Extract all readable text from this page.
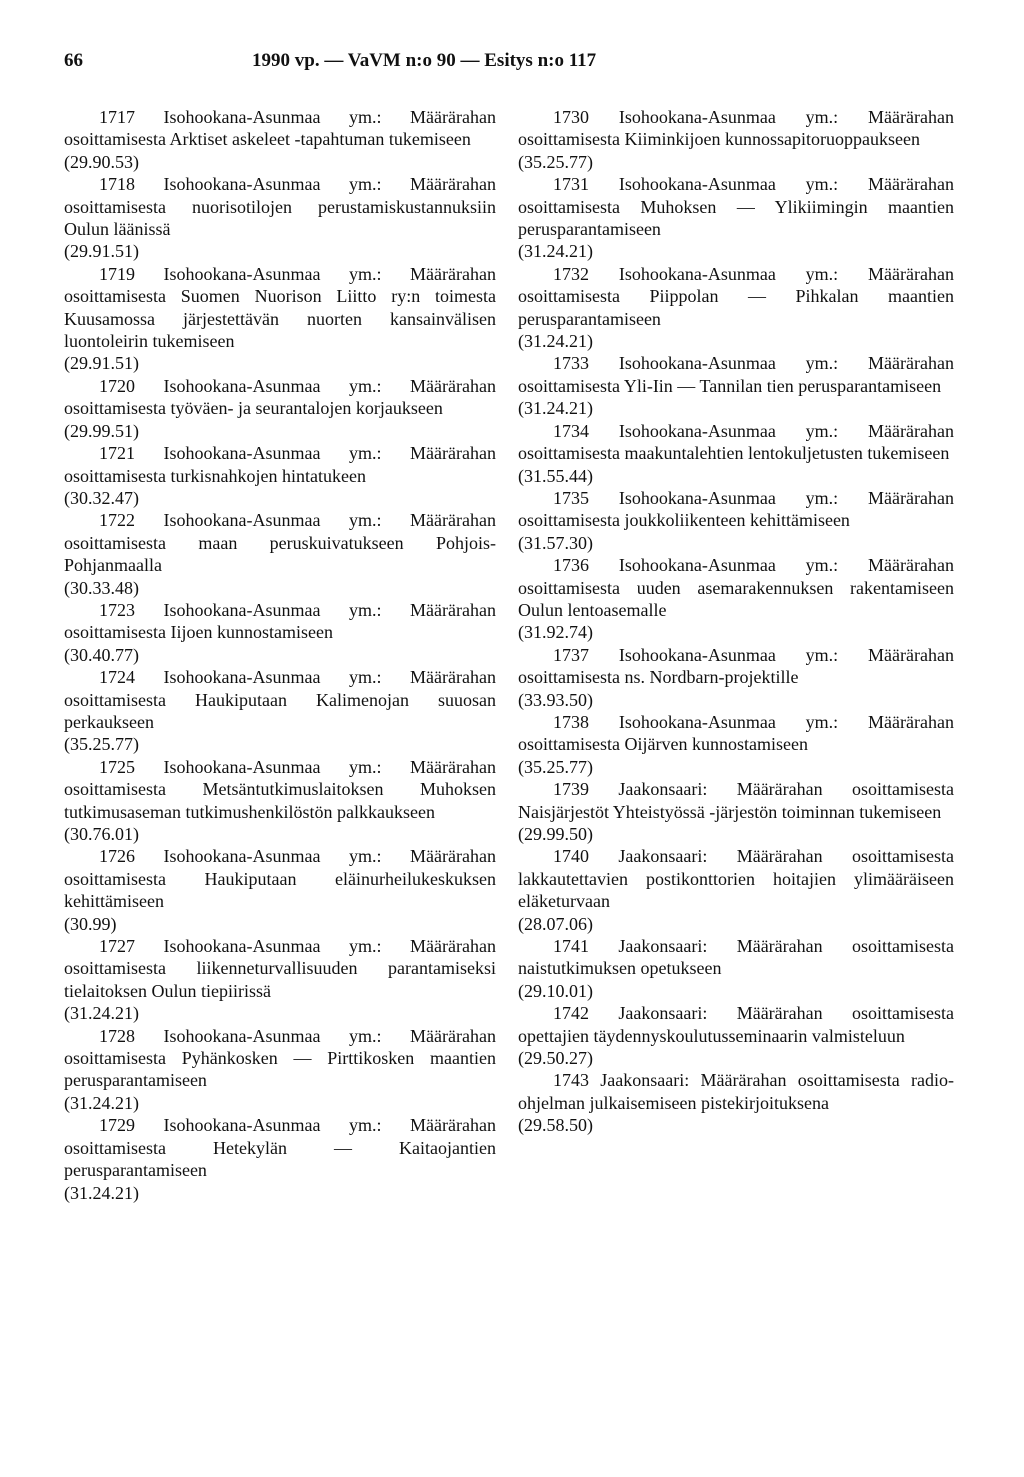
66	1990 vp. — VaVM n:o 90 — Esitys n:o 117
1717 Isohookana-Asunmaa ym.: Määrärahan osoittamisesta Arktiset askeleet -tapahtuman tukemiseen
(29.90.53)
1718 Isohookana-Asunmaa ym.: Määrärahan osoittamisesta nuorisotilojen perustamiskustannuksiin Oulun läänissä
(29.91.51)
1719 Isohookana-Asunmaa ym.: Määrärahan osoittamisesta Suomen Nuorison Liitto ry:n toimesta Kuusamossa järjestettävän nuorten kansainvälisen luontoleirin tukemiseen
(29.91.51)
1720 Isohookana-Asunmaa ym.: Määrärahan osoittamisesta työväen- ja seurantalojen korjaukseen
(29.99.51)
1721 Isohookana-Asunmaa ym.: Määrärahan osoittamisesta turkisnahkojen hintatukeen
(30.32.47)
1722 Isohookana-Asunmaa ym.: Määrärahan osoittamisesta maan peruskuivatukseen Pohjois-Pohjanmaalla
(30.33.48)
1723 Isohookana-Asunmaa ym.: Määrärahan osoittamisesta Iijoen kunnostamiseen
(30.40.77)
1724 Isohookana-Asunmaa ym.: Määrärahan osoittamisesta Haukiputaan Kalimenojan suuosan perkaukseen
(35.25.77)
1725 Isohookana-Asunmaa ym.: Määrärahan osoittamisesta Metsäntutkimuslaitoksen Muhoksen tutkimusaseman tutkimushenkilöstön palkkaukseen
(30.76.01)
1726 Isohookana-Asunmaa ym.: Määrärahan osoittamisesta Haukiputaan eläinurheilukeskuksen kehittämiseen
(30.99)
1727 Isohookana-Asunmaa ym.: Määrärahan osoittamisesta liikenneturvallisuuden parantamiseksi tielaitoksen Oulun tiepiirissä
(31.24.21)
1728 Isohookana-Asunmaa ym.: Määrärahan osoittamisesta Pyhänkosken — Pirttikosken maantien perusparantamiseen
(31.24.21)
1729 Isohookana-Asunmaa ym.: Määrärahan osoittamisesta Hetekylän — Kaitaojantien perusparantamiseen
(31.24.21)
1730 Isohookana-Asunmaa ym.: Määrärahan osoittamisesta Kiiminkijoen kunnossapitoruoppaukseen
(35.25.77)
1731 Isohookana-Asunmaa ym.: Määrärahan osoittamisesta Muhoksen — Ylikiimingin maantien perusparantamiseen
(31.24.21)
1732 Isohookana-Asunmaa ym.: Määrärahan osoittamisesta Piippolan — Pihkalan maantien perusparantamiseen
(31.24.21)
1733 Isohookana-Asunmaa ym.: Määrärahan osoittamisesta Yli-Iin — Tannilan tien perusparantamiseen
(31.24.21)
1734 Isohookana-Asunmaa ym.: Määrärahan osoittamisesta maakuntalehtien lentokuljetusten tukemiseen
(31.55.44)
1735 Isohookana-Asunmaa ym.: Määrärahan osoittamisesta joukkoliikenteen kehittämiseen
(31.57.30)
1736 Isohookana-Asunmaa ym.: Määrärahan osoittamisesta uuden asemarakennuksen rakentamiseen Oulun lentoasemalle
(31.92.74)
1737 Isohookana-Asunmaa ym.: Määrärahan osoittamisesta ns. Nordbarn-projektille
(33.93.50)
1738 Isohookana-Asunmaa ym.: Määrärahan osoittamisesta Oijärven kunnostamiseen
(35.25.77)
1739 Jaakonsaari: Määrärahan osoittamisesta Naisjärjestöt Yhteistyössä -järjestön toiminnan tukemiseen
(29.99.50)
1740 Jaakonsaari: Määrärahan osoittamisesta lakkautettavien postikonttorien hoitajien ylimääräiseen eläketurvaan
(28.07.06)
1741 Jaakonsaari: Määrärahan osoittamisesta naistutkimuksen opetukseen
(29.10.01)
1742 Jaakonsaari: Määrärahan osoittamisesta opettajien täydennyskoulutusseminaarin valmisteluun
(29.50.27)
1743 Jaakonsaari: Määrärahan osoittamisesta radio-ohjelman julkaisemiseen pistekirjoituksena
(29.58.50)
